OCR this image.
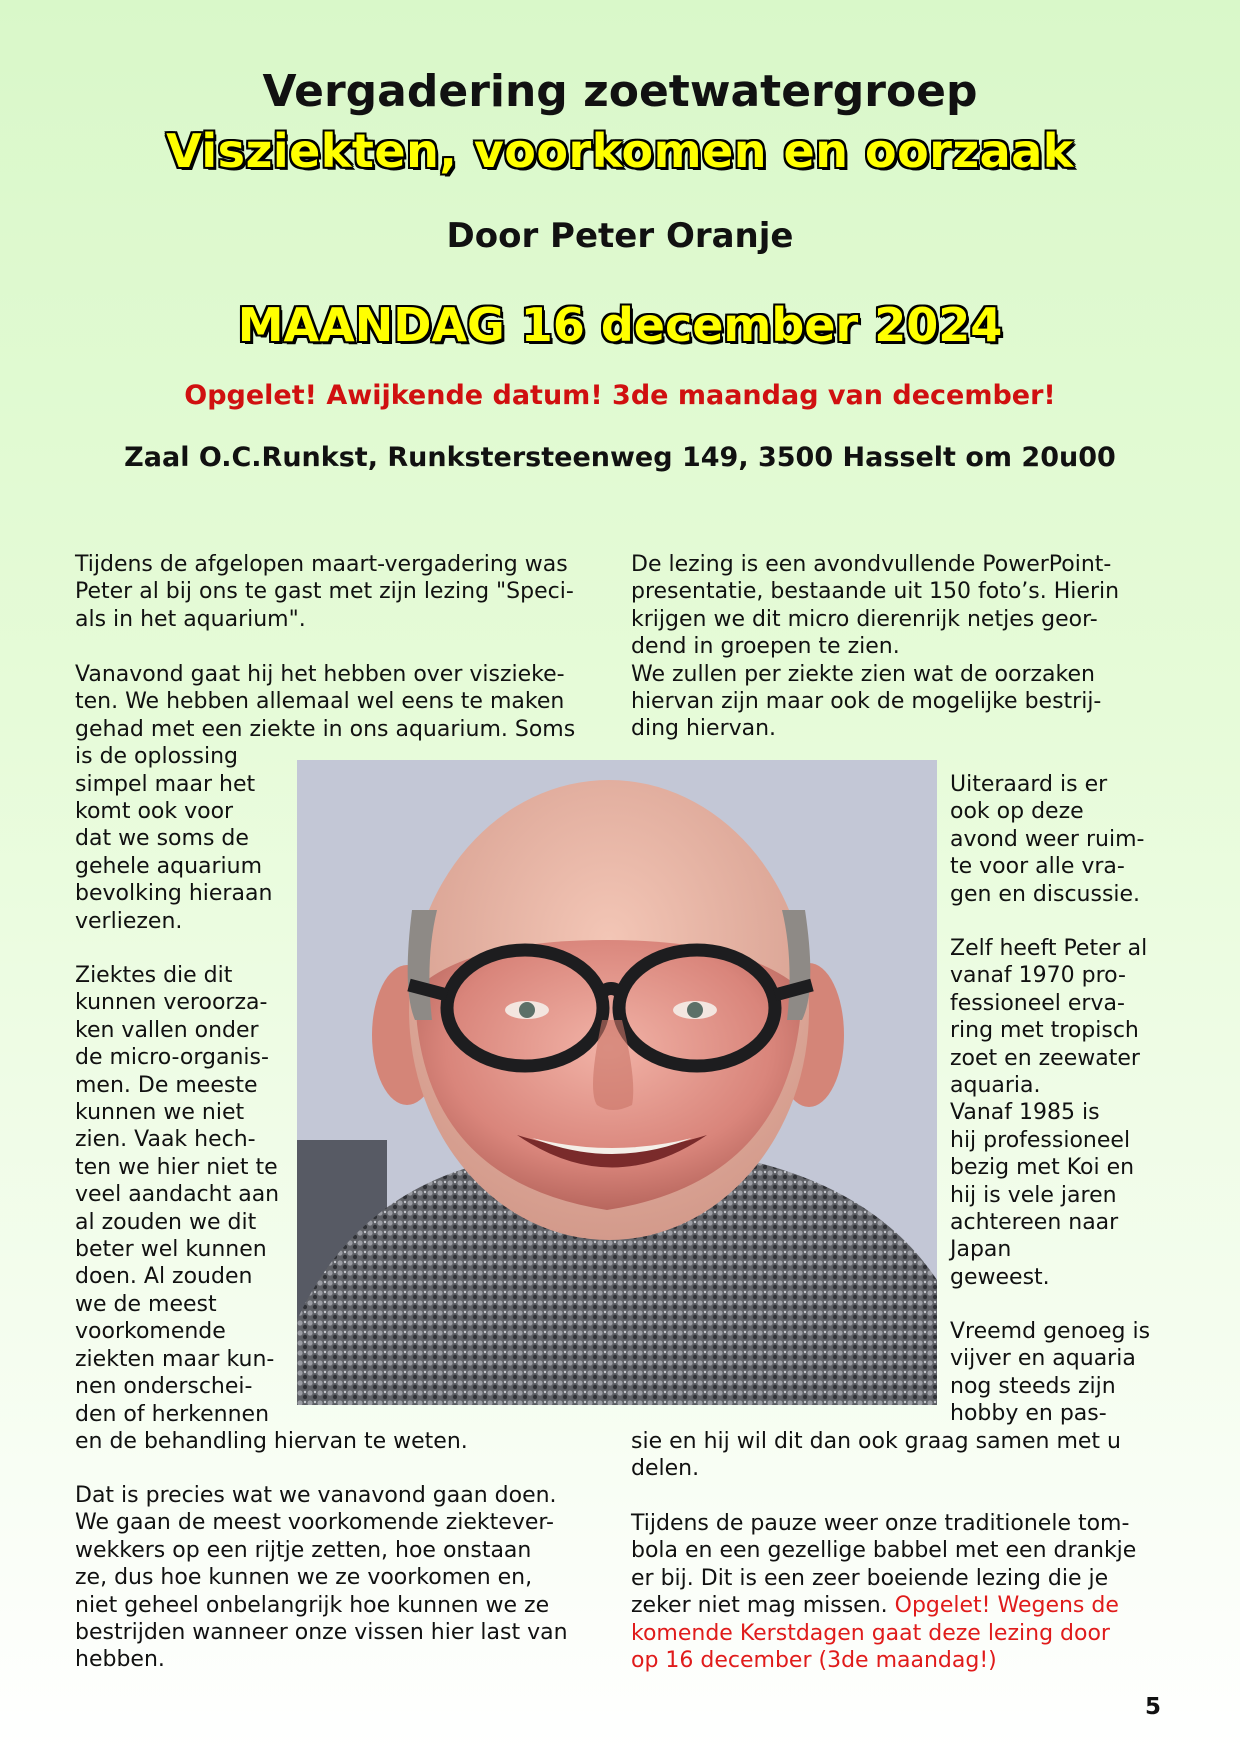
Vergadering zoetwatergroep
Visziekten, voorkomen en oorzaak
Door Peter Oranje
MAANDAG 16 december 2024
Opgelet! Awijkende datum! 3de maandag van december!
Zaal O.C.Runkst, Runkstersteenweg 149, 3500 Hasselt om 20u00
Tijdens de afgelopen maart-vergadering was
Peter al bij ons te gast met zijn lezing "Speci-
als in het aquarium".
Vanavond gaat hij het hebben over viszieke-
ten. We hebben allemaal wel eens te maken
gehad met een ziekte in ons aquarium. Soms
is de oplossing
simpel maar het
komt ook voor
dat we soms de
gehele aquarium
bevolking hieraan
verliezen.
Ziektes die dit
kunnen veroorza-
ken vallen onder
de micro-organis-
men. De meeste
kunnen we niet
zien. Vaak hech-
ten we hier niet te
veel aandacht aan
al zouden we dit
beter wel kunnen
doen. Al zouden
we de meest
voorkomende
ziekten maar kun-
nen onderschei-
den of herkennen
en de behandling hiervan te weten.
Dat is precies wat we vanavond gaan doen.
We gaan de meest voorkomende ziektever-
wekkers op een rijtje zetten, hoe onstaan
ze, dus hoe kunnen we ze voorkomen en,
niet geheel onbelangrijk hoe kunnen we ze
bestrijden wanneer onze vissen hier last van
hebben.
De lezing is een avondvullende PowerPoint-
presentatie, bestaande uit 150 foto’s. Hierin
krijgen we dit micro dierenrijk netjes geor-
dend in groepen te zien.
We zullen per ziekte zien wat de oorzaken
hiervan zijn maar ook de mogelijke bestrij-
ding hiervan.
Uiteraard is er
ook op deze
avond weer ruim-
te voor alle vra-
gen en discussie.
Zelf heeft Peter al
vanaf 1970 pro-
fessioneel erva-
ring met tropisch
zoet en zeewater
aquaria.
Vanaf 1985 is
hij professioneel
bezig met Koi en
hij is vele jaren
achtereen naar
Japan
geweest.
Vreemd genoeg is
vijver en aquaria
nog steeds zijn
hobby en pas-
sie en hij wil dit dan ook graag samen met u
delen.
Tijdens de pauze weer onze traditionele tom-
bola en een gezellige babbel met een drankje
er bij. Dit is een zeer boeiende lezing die je
zeker niet mag missen. Opgelet! Wegens de
komende Kerstdagen gaat deze lezing door
op 16 december (3de maandag!)
5
